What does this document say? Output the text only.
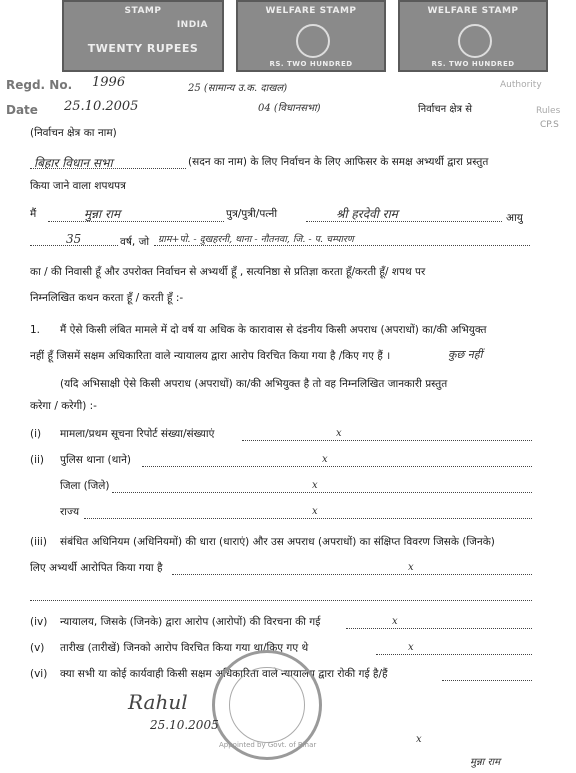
STAMP
INDIA
TWENTY RUPEES
WELFARE STAMP
RS. TWO HUNDRED
WELFARE STAMP
RS. TWO HUNDRED
Regd. No. 1996
Date 25.10.2005
25 (सामान्य उ.क. दाखल)
04 (विधानसभा)	निर्वाचन क्षेत्र से
Authority
Rules
CP.S
(निर्वाचन क्षेत्र का नाम)
बिहार विधान सभा	(सदन का नाम) के लिए निर्वाचन के लिए आफिसर के समक्ष अभ्यर्थी द्वारा प्रस्तुत
किया जाने वाला शपथपत्र
मैं	मुन्ना राम	पुत्र/पुत्री/पत्नी	श्री हरदेवी राम	आयु
35	वर्ष, जो ग्राम+पो. - दुखहरनी, थाना - नौतनवा, जि. - प. चम्पारण
का / की निवासी हूँ और उपरोक्त निर्वाचन से अभ्यर्थी हूँ , सत्यनिष्ठा से प्रतिज्ञा करता हूँ/करती हूँ/ शपथ पर
निम्नलिखित कथन करता हूँ / करती हूँ :-
1. मैं ऐसे किसी लंबित मामले में दो वर्ष या अधिक के कारावास से दंडनीय किसी अपराध (अपराधों) का/की अभियुक्त
नहीं हूँ जिसमें सक्षम अधिकारिता वाले न्यायालय द्वारा आरोप विरचित किया गया है /किए गए हैं ।	कुछ नहीं
(यदि अभिसाक्षी ऐसे किसी अपराध (अपराधों) का/की अभियुक्त है तो वह निम्नलिखित जानकारी प्रस्तुत
करेगा / करेगी) :-
(i) मामला/प्रथम सूचना रिपोर्ट संख्या/संख्याएं	x
(ii) पुलिस थाना (थाने)	x
जिला (जिले)	x
राज्य	x
(iii) संबंधित अधिनियम (अधिनियमों) की धारा (धाराएं) और उस अपराध (अपराधों) का संक्षिप्त विवरण जिसके (जिनके)
लिए अभ्यर्थी आरोपित किया गया है	x
(iv) न्यायालय, जिसके (जिनके) द्वारा आरोप (आरोपों) की विरचना की गई	x
(v) तारीख (तारीखें) जिनको आरोप विरचित किया गया था/किए गए थे	x
(vi) क्या सभी या कोई कार्यवाही किसी सक्षम अधिकारिता वाले न्यायालय द्वारा रोकी गई है/हैं
x
Appointed by Govt. of Bihar
Rahul
25.10.2005
मुन्ना राम
